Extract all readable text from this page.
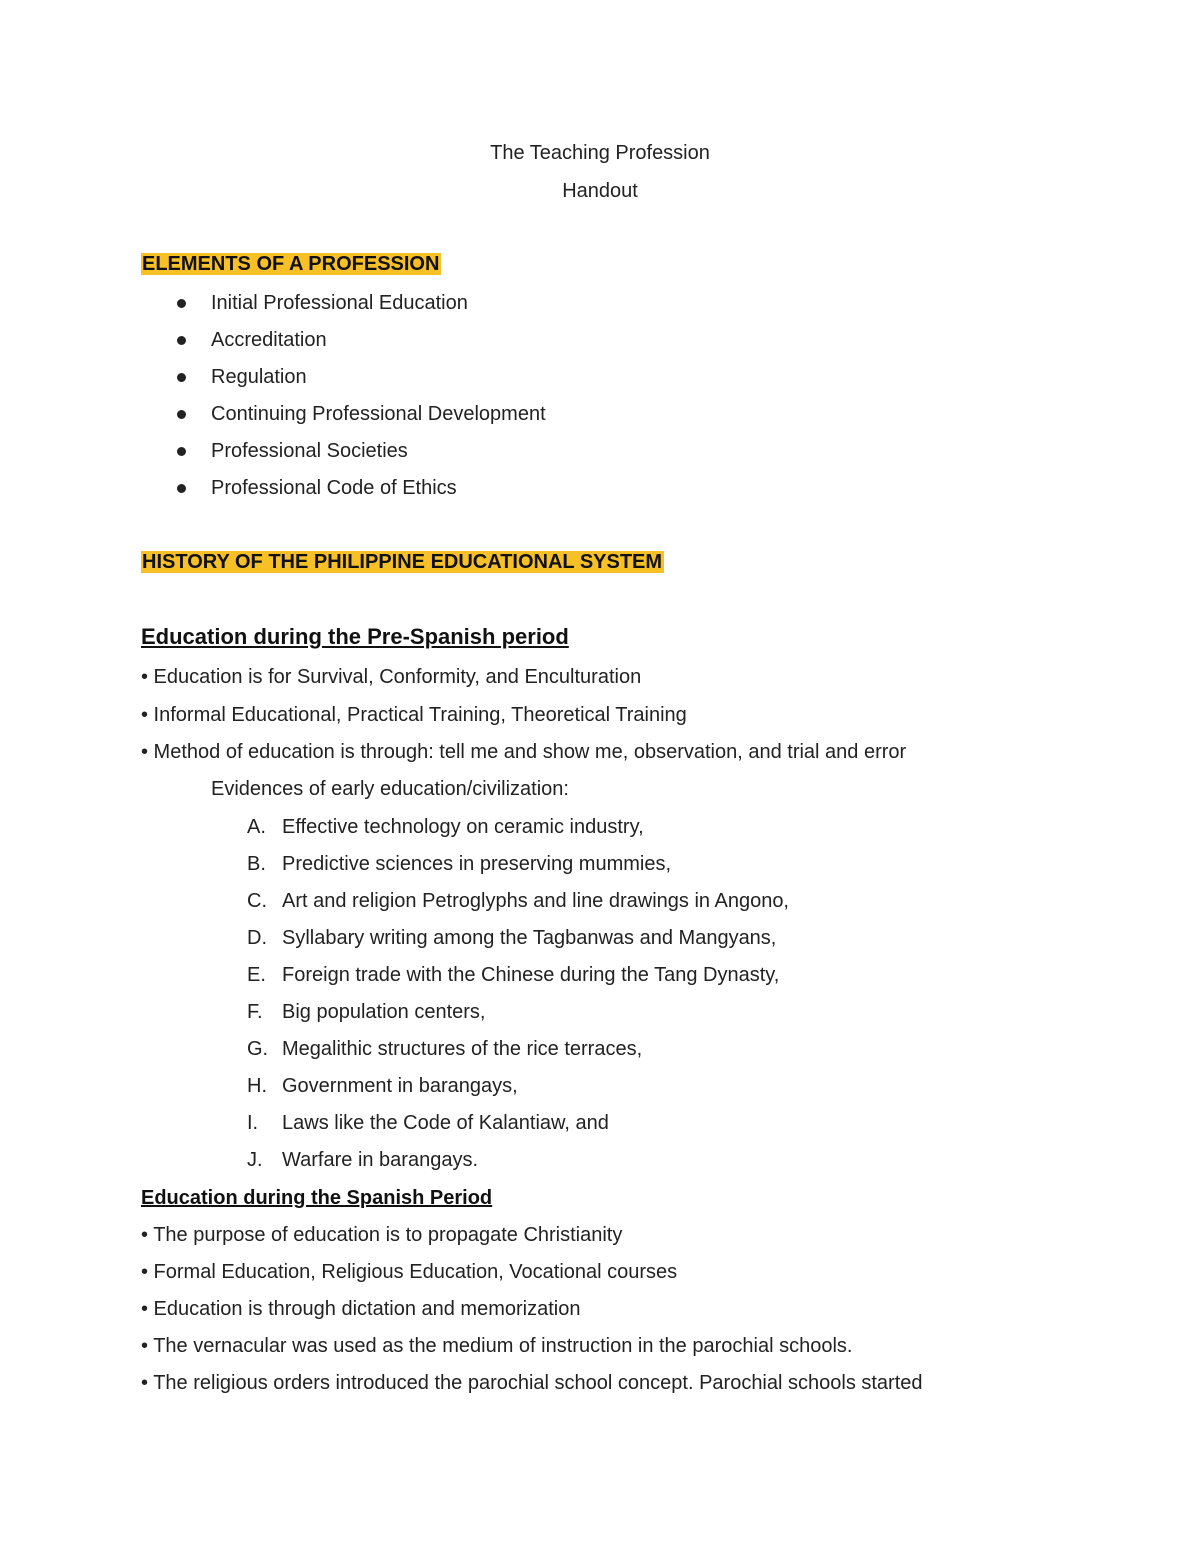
The Teaching Profession
Handout
ELEMENTS OF A PROFESSION
Initial Professional Education
Accreditation
Regulation
Continuing Professional Development
Professional Societies
Professional Code of Ethics
HISTORY OF THE PHILIPPINE EDUCATIONAL SYSTEM
Education during the Pre-Spanish period
• Education is for Survival, Conformity, and Enculturation
• Informal Educational, Practical Training, Theoretical Training
• Method of education is through: tell me and show me, observation, and trial and error
Evidences of early education/civilization:
A. Effective technology on ceramic industry,
B. Predictive sciences in preserving mummies,
C. Art and religion Petroglyphs and line drawings in Angono,
D. Syllabary writing among the Tagbanwas and Mangyans,
E. Foreign trade with the Chinese during the Tang Dynasty,
F. Big population centers,
G. Megalithic structures of the rice terraces,
H. Government in barangays,
I. Laws like the Code of Kalantiaw, and
J. Warfare in barangays.
Education during the Spanish Period
• The purpose of education is to propagate Christianity
• Formal Education, Religious Education, Vocational courses
• Education is through dictation and memorization
• The vernacular was used as the medium of instruction in the parochial schools.
• The religious orders introduced the parochial school concept. Parochial schools started
